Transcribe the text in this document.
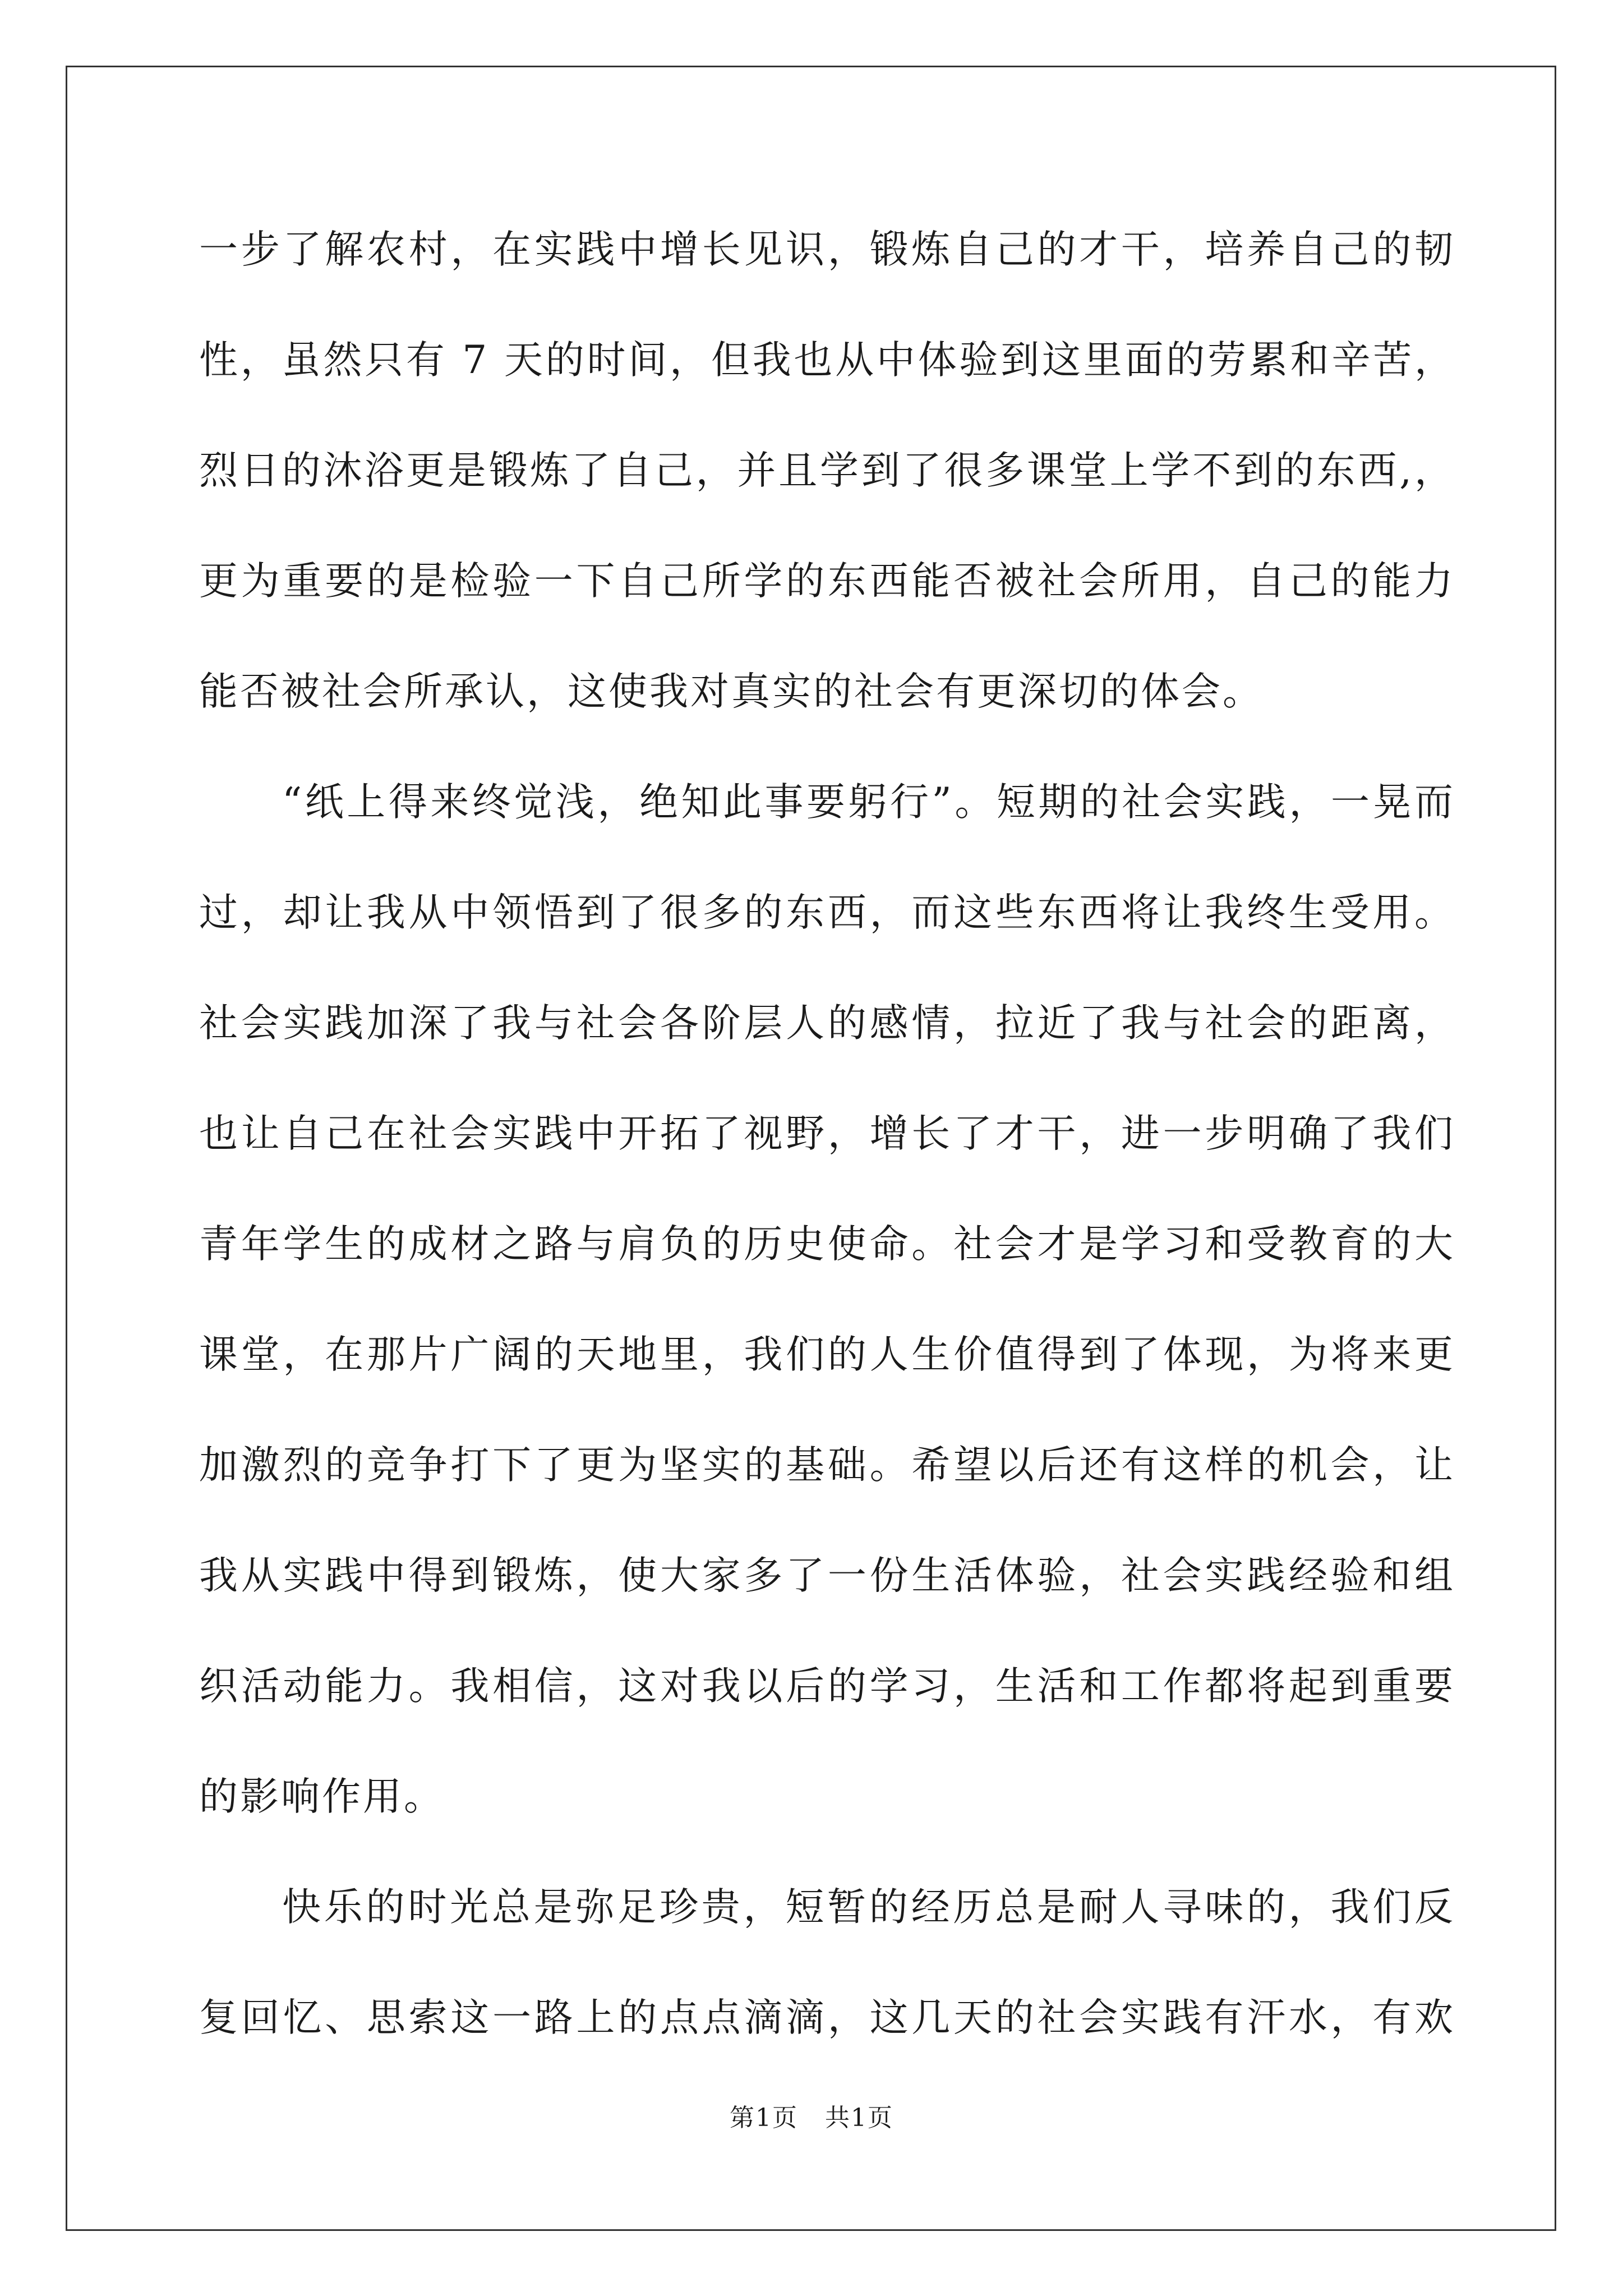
一步了解农村，在实践中增长见识，锻炼自己的才干，培养自己的韧
性，虽然只有 7 天的时间，但我也从中体验到这里面的劳累和辛苦，
烈日的沐浴更是锻炼了自己，并且学到了很多课堂上学不到的东西,，
更为重要的是检验一下自己所学的东西能否被社会所用，自己的能力
能否被社会所承认，这使我对真实的社会有更深切的体会。
“纸上得来终觉浅，绝知此事要躬行”。短期的社会实践，一晃而
过，却让我从中领悟到了很多的东西，而这些东西将让我终生受用。
社会实践加深了我与社会各阶层人的感情，拉近了我与社会的距离，
也让自己在社会实践中开拓了视野，增长了才干，进一步明确了我们
青年学生的成材之路与肩负的历史使命。社会才是学习和受教育的大
课堂，在那片广阔的天地里，我们的人生价值得到了体现，为将来更
加激烈的竞争打下了更为坚实的基础。希望以后还有这样的机会，让
我从实践中得到锻炼，使大家多了一份生活体验，社会实践经验和组
织活动能力。我相信，这对我以后的学习，生活和工作都将起到重要
的影响作用。
快乐的时光总是弥足珍贵，短暂的经历总是耐人寻味的，我们反
复回忆、思索这一路上的点点滴滴，这几天的社会实践有汗水，有欢
第1页   共1页
